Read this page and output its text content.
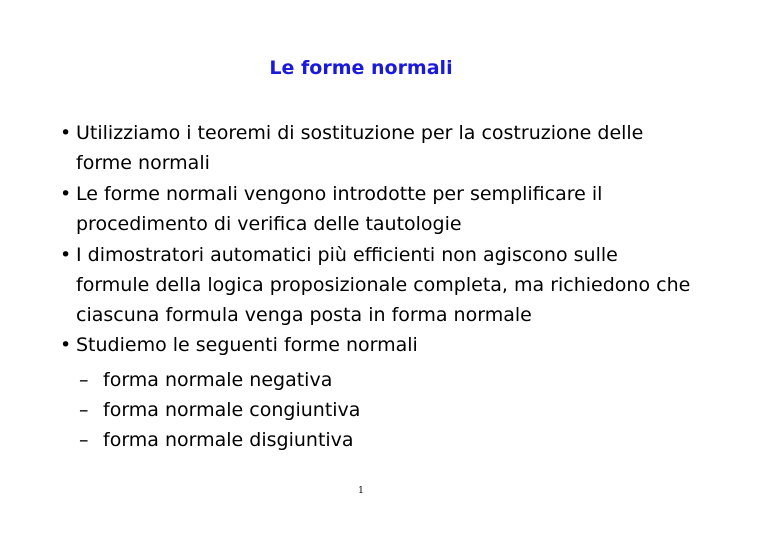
Le forme normali
• Utilizziamo i teoremi di sostituzione per la costruzione delle
forme normali
• Le forme normali vengono introdotte per semplificare il
procedimento di verifica delle tautologie
• I dimostratori automatici più efficienti non agiscono sulle
formule della logica proposizionale completa, ma richiedono che
ciascuna formula venga posta in forma normale
• Studiemo le seguenti forme normali
– forma normale negativa
– forma normale congiuntiva
– forma normale disgiuntiva
1
